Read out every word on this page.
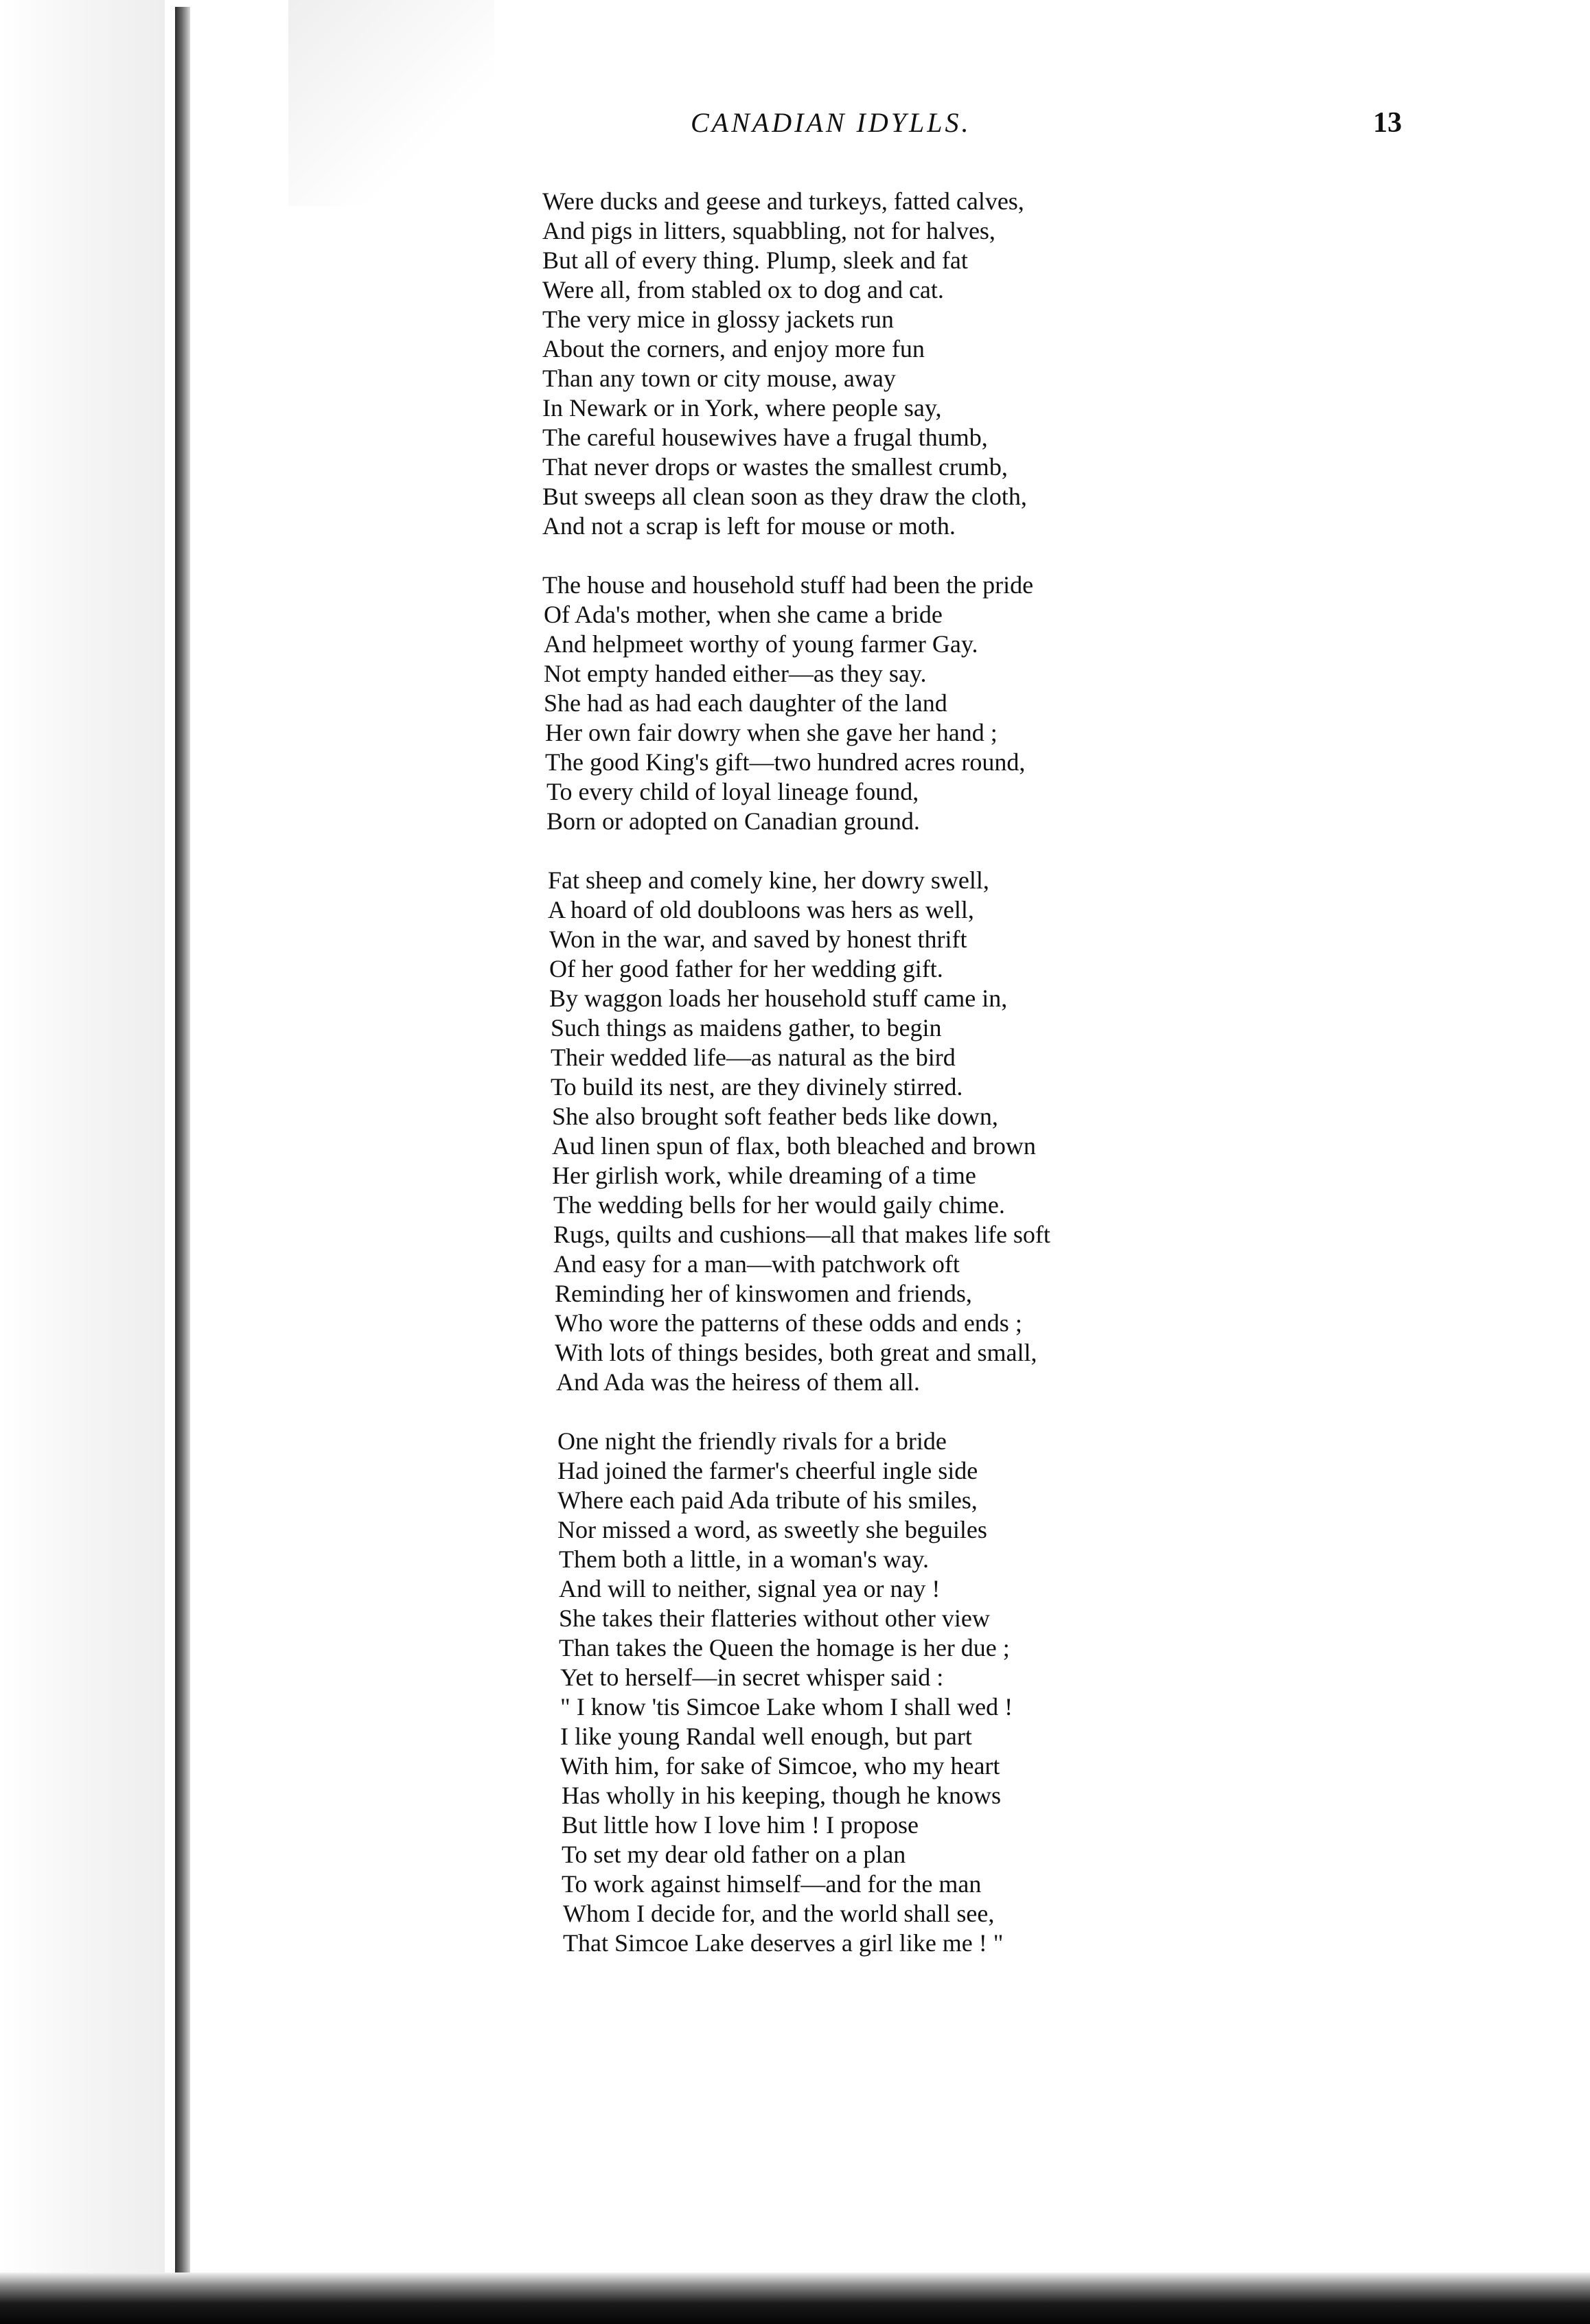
CANADIAN IDYLLS.	13
Were ducks and geese and turkeys, fatted calves,
And pigs in litters, squabbling, not for halves,
But all of every thing. Plump, sleek and fat
Were all, from stabled ox to dog and cat.
The very mice in glossy jackets run
About the corners, and enjoy more fun
Than any town or city mouse, away
In Newark or in York, where people say,
The careful housewives have a frugal thumb,
That never drops or wastes the smallest crumb,
But sweeps all clean soon as they draw the cloth,
And not a scrap is left for mouse or moth.
The house and household stuff had been the pride
Of Ada's mother, when she came a bride
And helpmeet worthy of young farmer Gay.
Not empty handed either—as they say.
She had as had each daughter of the land
Her own fair dowry when she gave her hand ;
The good King's gift—two hundred acres round,
To every child of loyal lineage found,
Born or adopted on Canadian ground.
Fat sheep and comely kine, her dowry swell,
A hoard of old doubloons was hers as well,
Won in the war, and saved by honest thrift
Of her good father for her wedding gift.
By waggon loads her household stuff came in,
Such things as maidens gather, to begin
Their wedded life—as natural as the bird
To build its nest, are they divinely stirred.
She also brought soft feather beds like down,
Aud linen spun of flax, both bleached and brown
Her girlish work, while dreaming of a time
The wedding bells for her would gaily chime.
Rugs, quilts and cushions—all that makes life soft
And easy for a man—with patchwork oft
Reminding her of kinswomen and friends,
Who wore the patterns of these odds and ends ;
With lots of things besides, both great and small,
And Ada was the heiress of them all.
One night the friendly rivals for a bride
Had joined the farmer's cheerful ingle side
Where each paid Ada tribute of his smiles,
Nor missed a word, as sweetly she beguiles
Them both a little, in a woman's way.
And will to neither, signal yea or nay !
She takes their flatteries without other view
Than takes the Queen the homage is her due ;
Yet to herself—in secret whisper said :
" I know 'tis Simcoe Lake whom I shall wed !
I like young Randal well enough, but part
With him, for sake of Simcoe, who my heart
Has wholly in his keeping, though he knows
But little how I love him ! I propose
To set my dear old father on a plan
To work against himself—and for the man
Whom I decide for, and the world shall see,
That Simcoe Lake deserves a girl like me ! "
